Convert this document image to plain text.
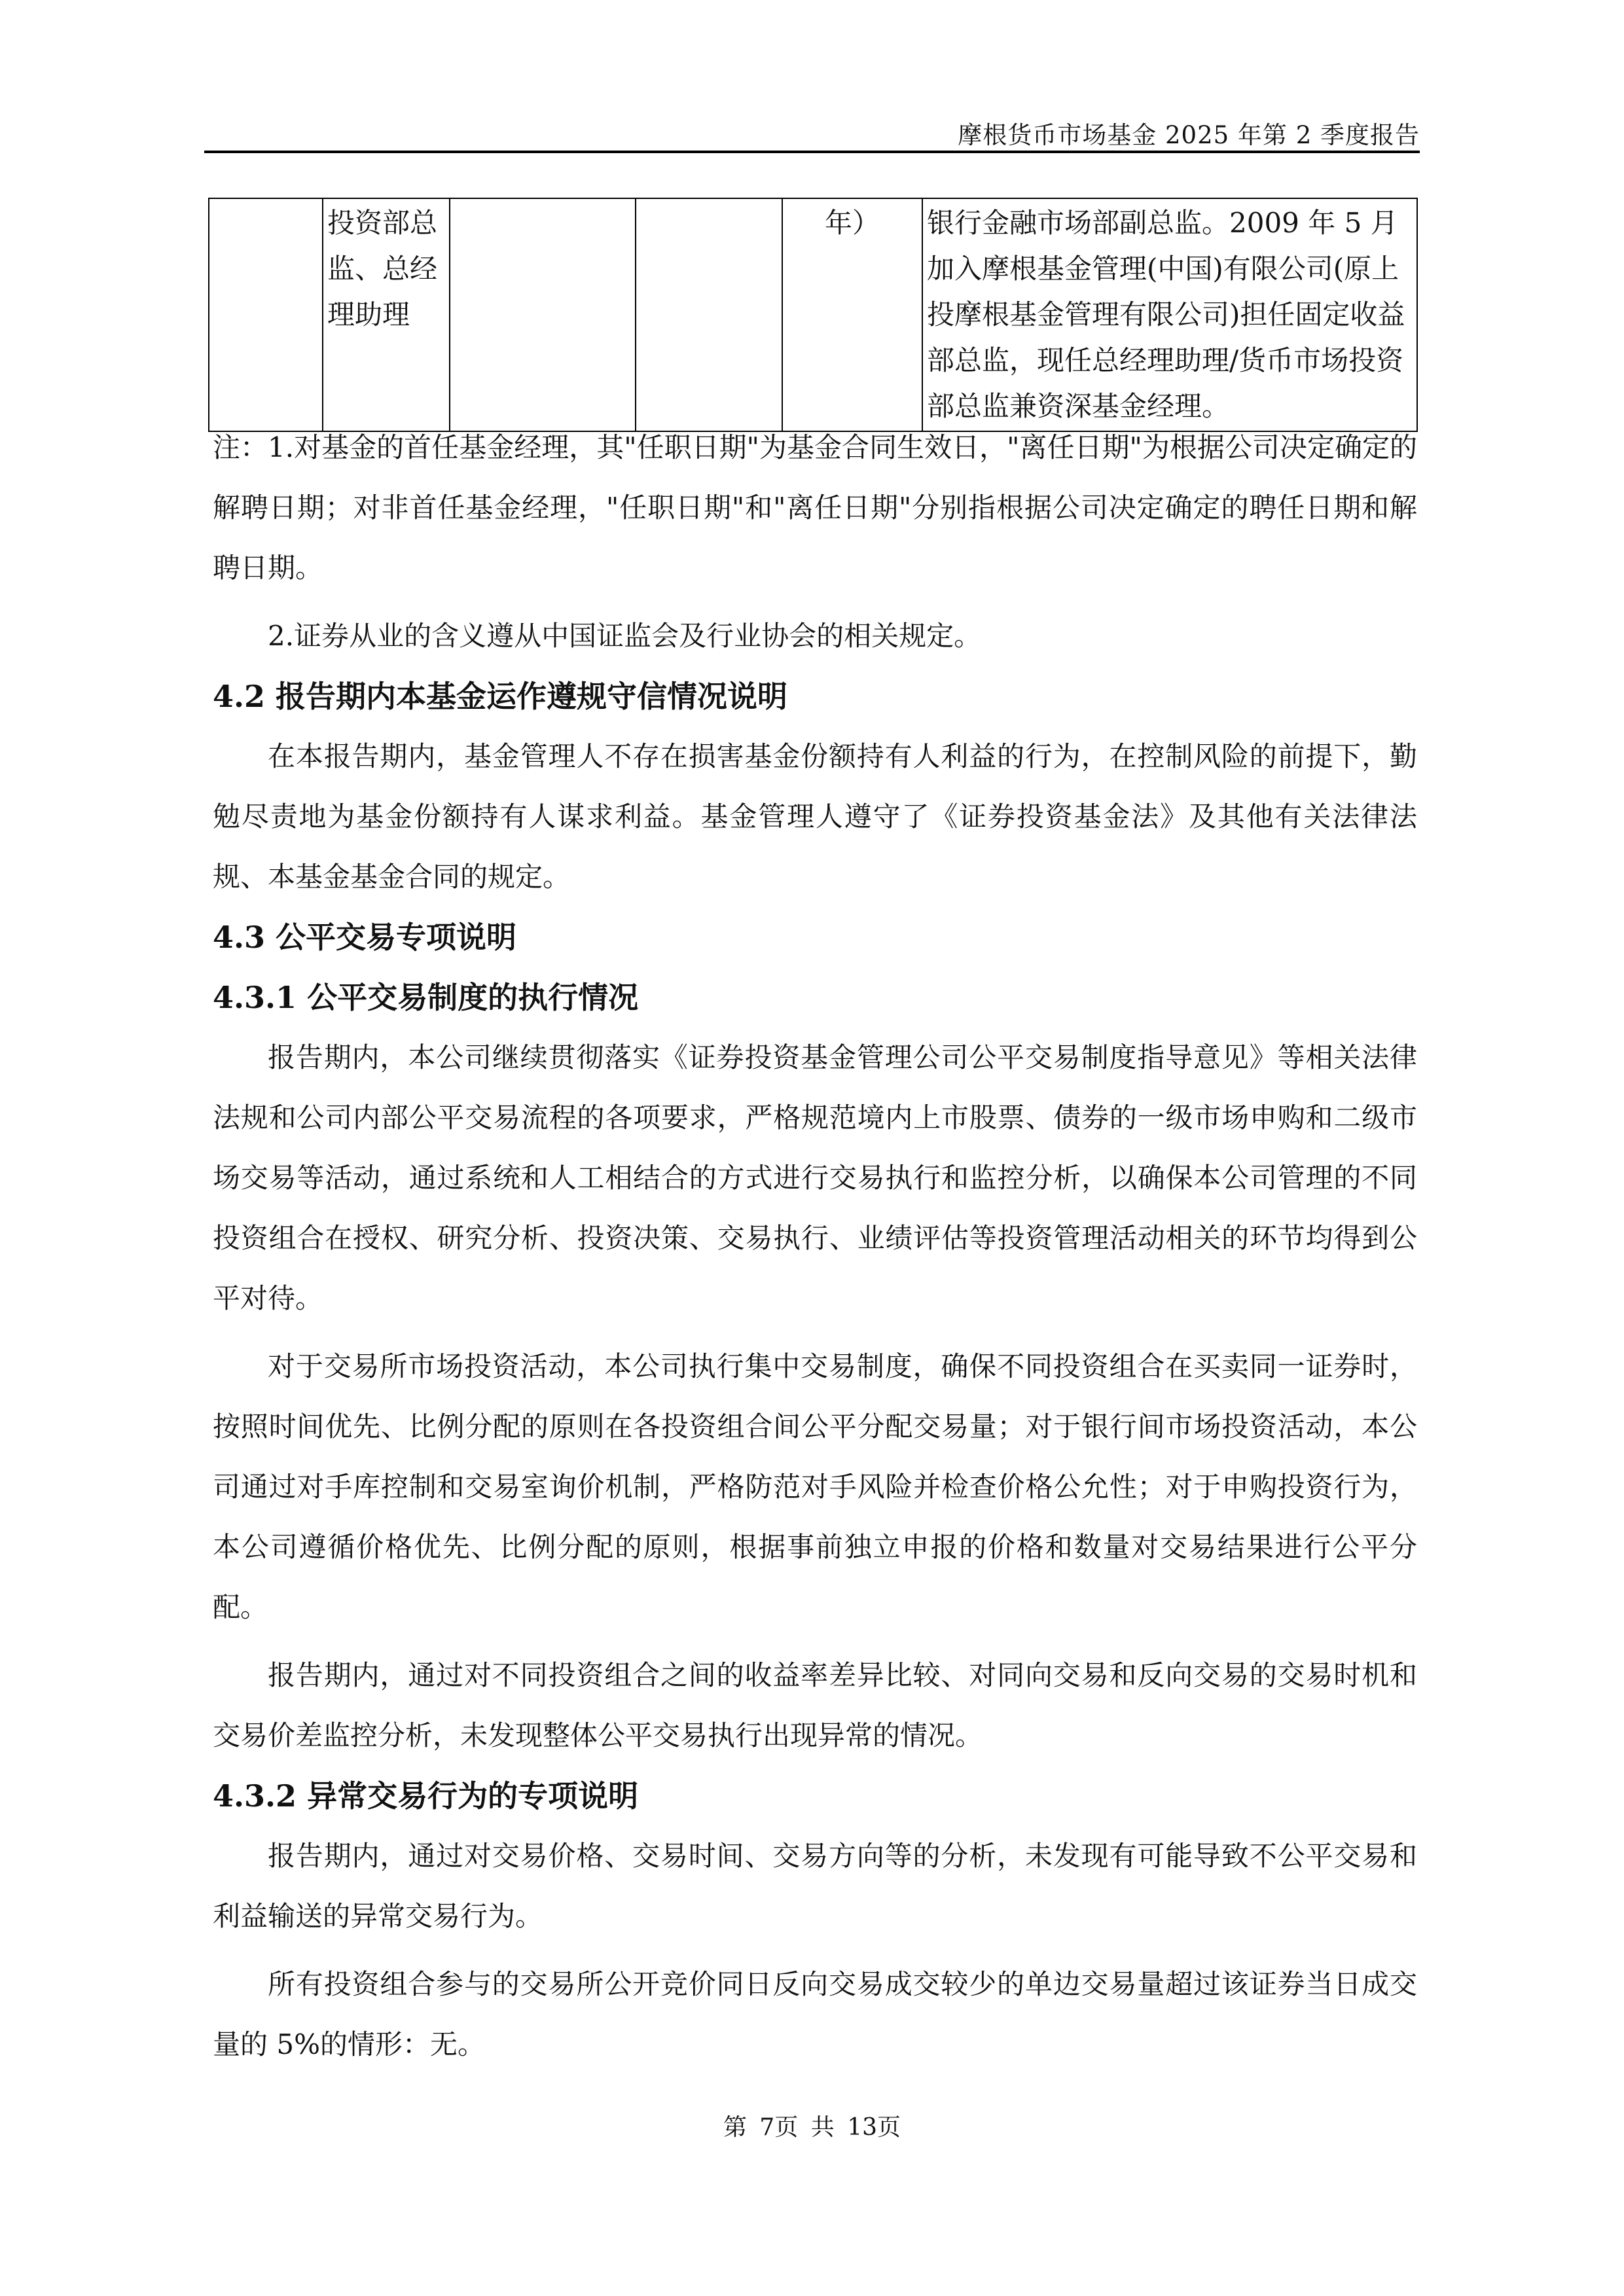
摩根货币市场基金 2025 年第 2 季度报告
	投资部总监、总经理助理			年）	银行金融市场部副总监。2009 年 5 月加入摩根基金管理(中国)有限公司(原上投摩根基金管理有限公司)担任固定收益部总监，现任总经理助理/货币市场投资部总监兼资深基金经理。

注：1.对基金的首任基金经理，其"任职日期"为基金合同生效日，"离任日期"为根据公司决定确定的解聘日期；对非首任基金经理，"任职日期"和"离任日期"分别指根据公司决定确定的聘任日期和解聘日期。

2.证券从业的含义遵从中国证监会及行业协会的相关规定。

4.2 报告期内本基金运作遵规守信情况说明

在本报告期内，基金管理人不存在损害基金份额持有人利益的行为，在控制风险的前提下，勤勉尽责地为基金份额持有人谋求利益。基金管理人遵守了《证券投资基金法》及其他有关法律法规、本基金基金合同的规定。

4.3 公平交易专项说明

4.3.1 公平交易制度的执行情况

报告期内，本公司继续贯彻落实《证券投资基金管理公司公平交易制度指导意见》等相关法律法规和公司内部公平交易流程的各项要求，严格规范境内上市股票、债券的一级市场申购和二级市场交易等活动，通过系统和人工相结合的方式进行交易执行和监控分析，以确保本公司管理的不同投资组合在授权、研究分析、投资决策、交易执行、业绩评估等投资管理活动相关的环节均得到公平对待。

对于交易所市场投资活动，本公司执行集中交易制度，确保不同投资组合在买卖同一证券时，按照时间优先、比例分配的原则在各投资组合间公平分配交易量；对于银行间市场投资活动，本公司通过对手库控制和交易室询价机制，严格防范对手风险并检查价格公允性；对于申购投资行为，本公司遵循价格优先、比例分配的原则，根据事前独立申报的价格和数量对交易结果进行公平分配。

报告期内，通过对不同投资组合之间的收益率差异比较、对同向交易和反向交易的交易时机和交易价差监控分析，未发现整体公平交易执行出现异常的情况。

4.3.2 异常交易行为的专项说明

报告期内，通过对交易价格、交易时间、交易方向等的分析，未发现有可能导致不公平交易和利益输送的异常交易行为。

所有投资组合参与的交易所公开竞价同日反向交易成交较少的单边交易量超过该证券当日成交量的 5%的情形：无。

第 7页 共 13页
